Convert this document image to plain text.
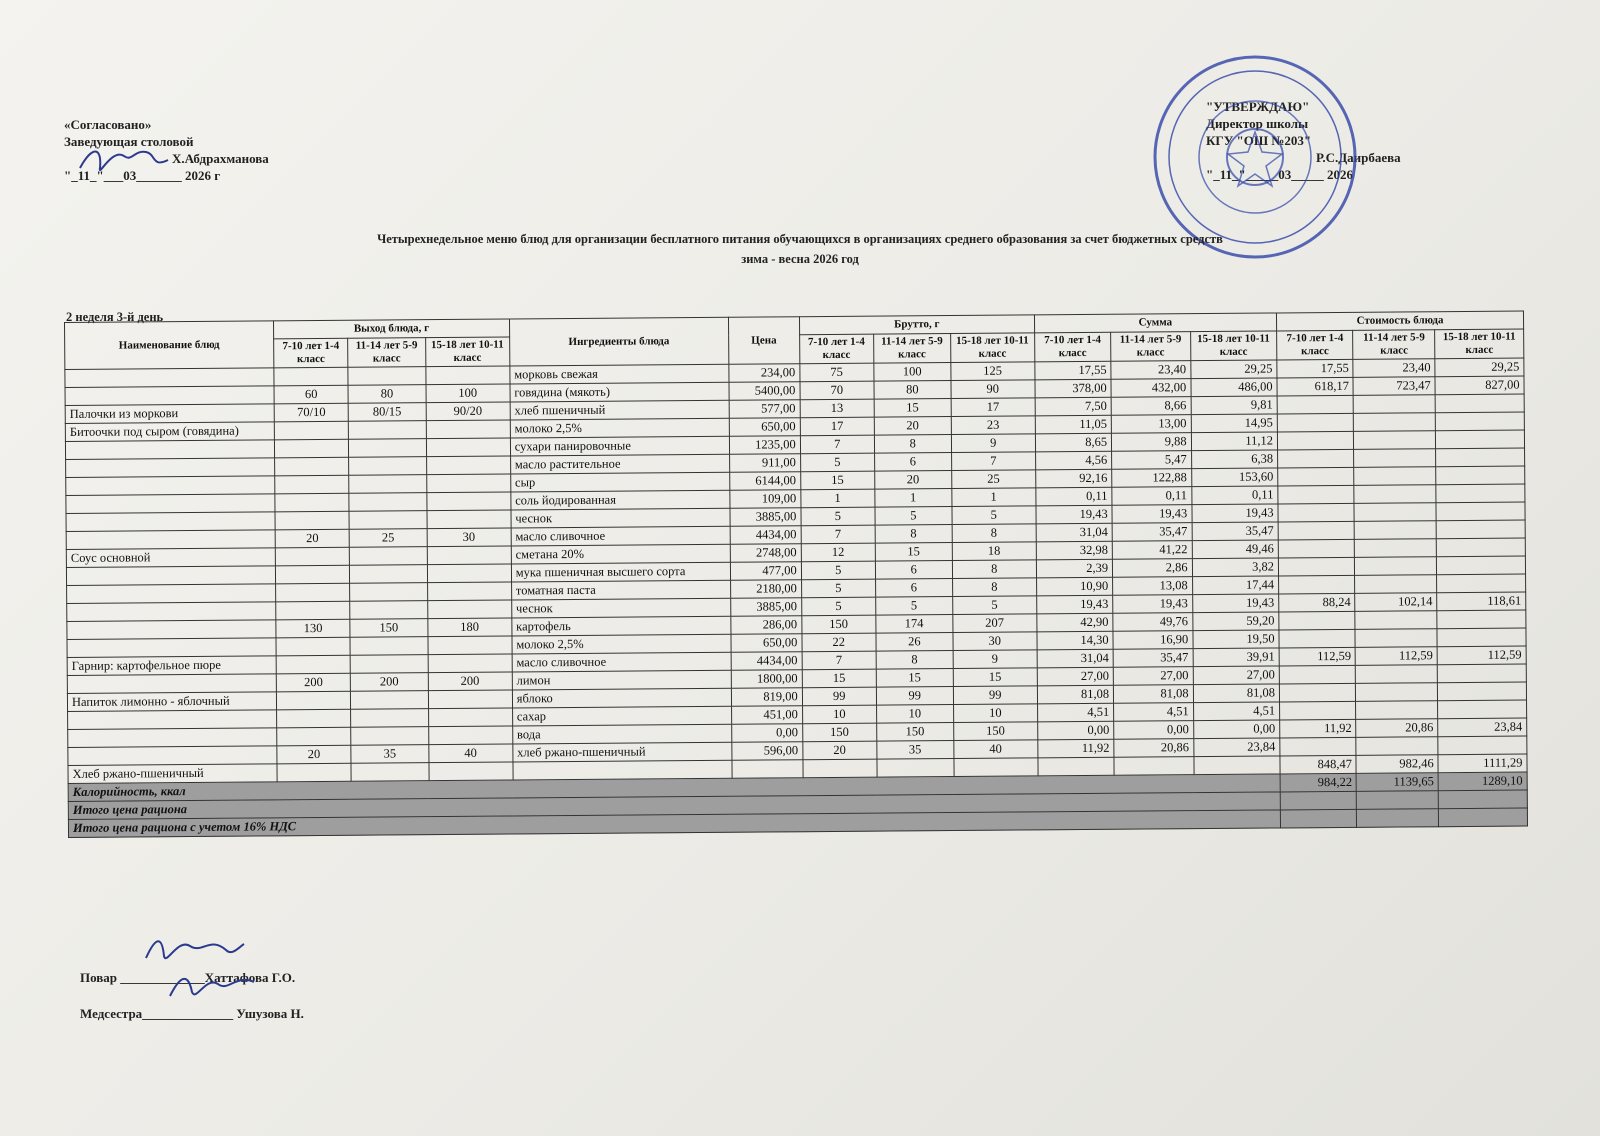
«Согласовано»
Заведующая столовой
Х.Абдрахманова
"_11_"___03_______ 2026 г
"УТВЕРЖДАЮ"
Директор школы
КГУ "ОШ №203"
Р.С.Даирбаева
"_11_"_____03_____ 2026
Четырехнедельное меню блюд для организации бесплатного питания обучающихся в организациях среднего образования за счет бюджетных средств
зима - весна 2026 год
2 неделя 3-й день
Наименование блюд	Выход блюда, г			Ингредиенты блюда	Цена	Брутто, г			Сумма			Стоимость блюда		
	7-10 лет 1-4 класс	11-14 лет 5-9 класс	15-18 лет 10-11 класс			7-10 лет 1-4 класс	11-14 лет 5-9 класс	15-18 лет 10-11 класс	7-10 лет 1-4 класс	11-14 лет 5-9 класс	15-18 лет 10-11 класс	7-10 лет 1-4 класс	11-14 лет 5-9 класс	15-18 лет 10-11 класс
				морковь свежая	234,00	75	100	125	17,55	23,40	29,25	17,55	23,40	29,25
	60	80	100	говядина (мякоть)	5400,00	70	80	90	378,00	432,00	486,00	618,17	723,47	827,00
Палочки из моркови	70/10	80/15	90/20	хлеб пшеничный	577,00	13	15	17	7,50	8,66	9,81			
Битоочки под сыром (говядина)				молоко 2,5%	650,00	17	20	23	11,05	13,00	14,95			
				сухари панировочные	1235,00	7	8	9	8,65	9,88	11,12			
				масло растительное	911,00	5	6	7	4,56	5,47	6,38			
				сыр	6144,00	15	20	25	92,16	122,88	153,60			
				соль йодированная	109,00	1	1	1	0,11	0,11	0,11			
				чеснок	3885,00	5	5	5	19,43	19,43	19,43			
	20	25	30	масло сливочное	4434,00	7	8	8	31,04	35,47	35,47			
Соус основной				сметана 20%	2748,00	12	15	18	32,98	41,22	49,46			
				мука пшеничная высшего сорта	477,00	5	6	8	2,39	2,86	3,82			
				томатная паста	2180,00	5	6	8	10,90	13,08	17,44			
				чеснок	3885,00	5	5	5	19,43	19,43	19,43	88,24	102,14	118,61
	130	150	180	картофель	286,00	150	174	207	42,90	49,76	59,20			
				молоко 2,5%	650,00	22	26	30	14,30	16,90	19,50			
Гарнир: картофельное пюре				масло сливочное	4434,00	7	8	9	31,04	35,47	39,91	112,59	112,59	112,59
	200	200	200	лимон	1800,00	15	15	15	27,00	27,00	27,00			
Напиток лимонно - яблочный				яблоко	819,00	99	99	99	81,08	81,08	81,08			
				сахар	451,00	10	10	10	4,51	4,51	4,51			
				вода	0,00	150	150	150	0,00	0,00	0,00	11,92	20,86	23,84
	20	35	40	хлеб ржано-пшеничный	596,00	20	35	40	11,92	20,86	23,84			
Хлеб ржано-пшеничный												848,47	982,46	1111,29
Калорийность, ккал												984,22	1139,65	1289,10
Итого цена рациона														
Итого цена рациона с учетом 16% НДС														
Повар _____________Хаттафова Г.О.
Медсестра______________ Ушузова Н.
